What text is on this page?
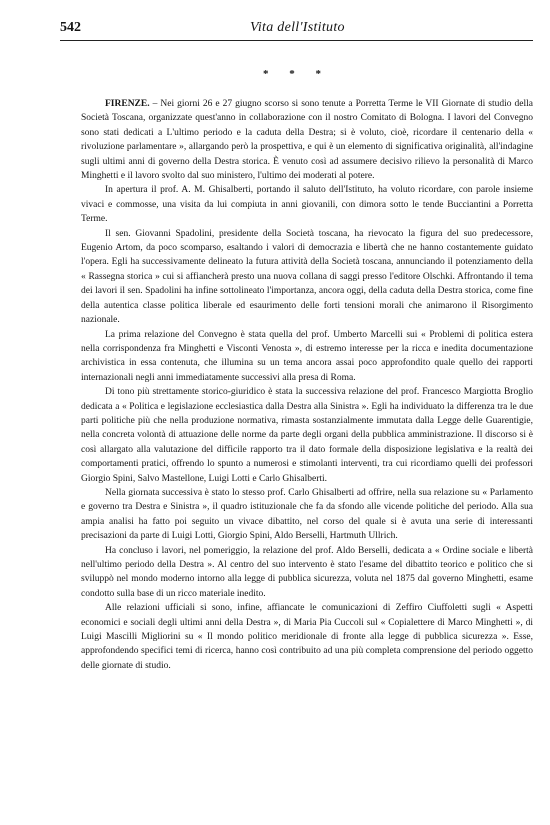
542	Vita dell'Istituto
* * *

FIRENZE. – Nei giorni 26 e 27 giugno scorso si sono tenute a Porretta Terme le VII Giornate di studio della Società Toscana, organizzate quest'anno in collaborazione con il nostro Comitato di Bologna. I lavori del Convegno sono stati dedicati a L'ultimo periodo e la caduta della Destra; si è voluto, cioè, ricordare il centenario della « rivoluzione parlamentare », allargando però la prospettiva, e qui è un elemento di significativa originalità, all'indagine sugli ultimi anni di governo della Destra storica. È venuto così ad assumere decisivo rilievo la personalità di Marco Minghetti e il lavoro svolto dal suo ministero, l'ultimo dei moderati al potere.

In apertura il prof. A. M. Ghisalberti, portando il saluto dell'Istituto, ha voluto ricordare, con parole insieme vivaci e commosse, una visita da lui compiuta in anni giovanili, con dimora sotto le tende Bucciantini a Porretta Terme.

Il sen. Giovanni Spadolini, presidente della Società toscana, ha rievocato la figura del suo predecessore, Eugenio Artom, da poco scomparso, esaltando i valori di democrazia e libertà che ne hanno costantemente guidato l'opera. Egli ha successivamente delineato la futura attività della Società toscana, annunciando il potenziamento della « Rassegna storica » cui si affiancherà presto una nuova collana di saggi presso l'editore Olschki. Affrontando il tema dei lavori il sen. Spadolini ha infine sottolineato l'importanza, ancora oggi, della caduta della Destra storica, come fine della autentica classe politica liberale ed esaurimento delle forti tensioni morali che animarono il Risorgimento nazionale.

La prima relazione del Convegno è stata quella del prof. Umberto Marcelli sui « Problemi di politica estera nella corrispondenza fra Minghetti e Visconti Venosta », di estremo interesse per la ricca e inedita documentazione archivistica in essa contenuta, che illumina su un tema ancora assai poco approfondito quale quello dei rapporti internazionali negli anni immediatamente successivi alla presa di Roma.

Di tono più strettamente storico-giuridico è stata la successiva relazione del prof. Francesco Margiotta Broglio dedicata a « Politica e legislazione ecclesiastica dalla Destra alla Sinistra ». Egli ha individuato la differenza tra le due parti politiche più che nella produzione normativa, rimasta sostanzialmente immutata dalla Legge delle Guarentigie, nella concreta volontà di attuazione delle norme da parte degli organi della pubblica amministrazione. Il discorso si è così allargato alla valutazione del difficile rapporto tra il dato formale della disposizione legislativa e la realtà dei comportamenti pratici, offrendo lo spunto a numerosi e stimolanti interventi, tra cui ricordiamo quelli dei professori Giorgio Spini, Salvo Mastellone, Luigi Lotti e Carlo Ghisalberti.

Nella giornata successiva è stato lo stesso prof. Carlo Ghisalberti ad offrire, nella sua relazione su « Parlamento e governo tra Destra e Sinistra », il quadro istituzionale che fa da sfondo alle vicende politiche del periodo. Alla sua ampia analisi ha fatto poi seguito un vivace dibattito, nel corso del quale si è avuta una serie di interessanti precisazioni da parte di Luigi Lotti, Giorgio Spini, Aldo Berselli, Hartmuth Ullrich.

Ha concluso i lavori, nel pomeriggio, la relazione del prof. Aldo Berselli, dedicata a « Ordine sociale e libertà nell'ultimo periodo della Destra ». Al centro del suo intervento è stato l'esame del dibattito teorico e politico che si sviluppò nel mondo moderno intorno alla legge di pubblica sicurezza, voluta nel 1875 dal governo Minghetti, esame condotto sulla base di un ricco materiale inedito.

Alle relazioni ufficiali si sono, infine, affiancate le comunicazioni di Zeffiro Ciuffoletti sugli « Aspetti economici e sociali degli ultimi anni della Destra », di Maria Pia Cuccoli sul « Copialettere di Marco Minghetti », di Luigi Mascilli Migliorini su « Il mondo politico meridionale di fronte alla legge di pubblica sicurezza ». Esse, approfondendo specifici temi di ricerca, hanno così contribuito ad una più completa comprensione del periodo oggetto delle giornate di studio.
